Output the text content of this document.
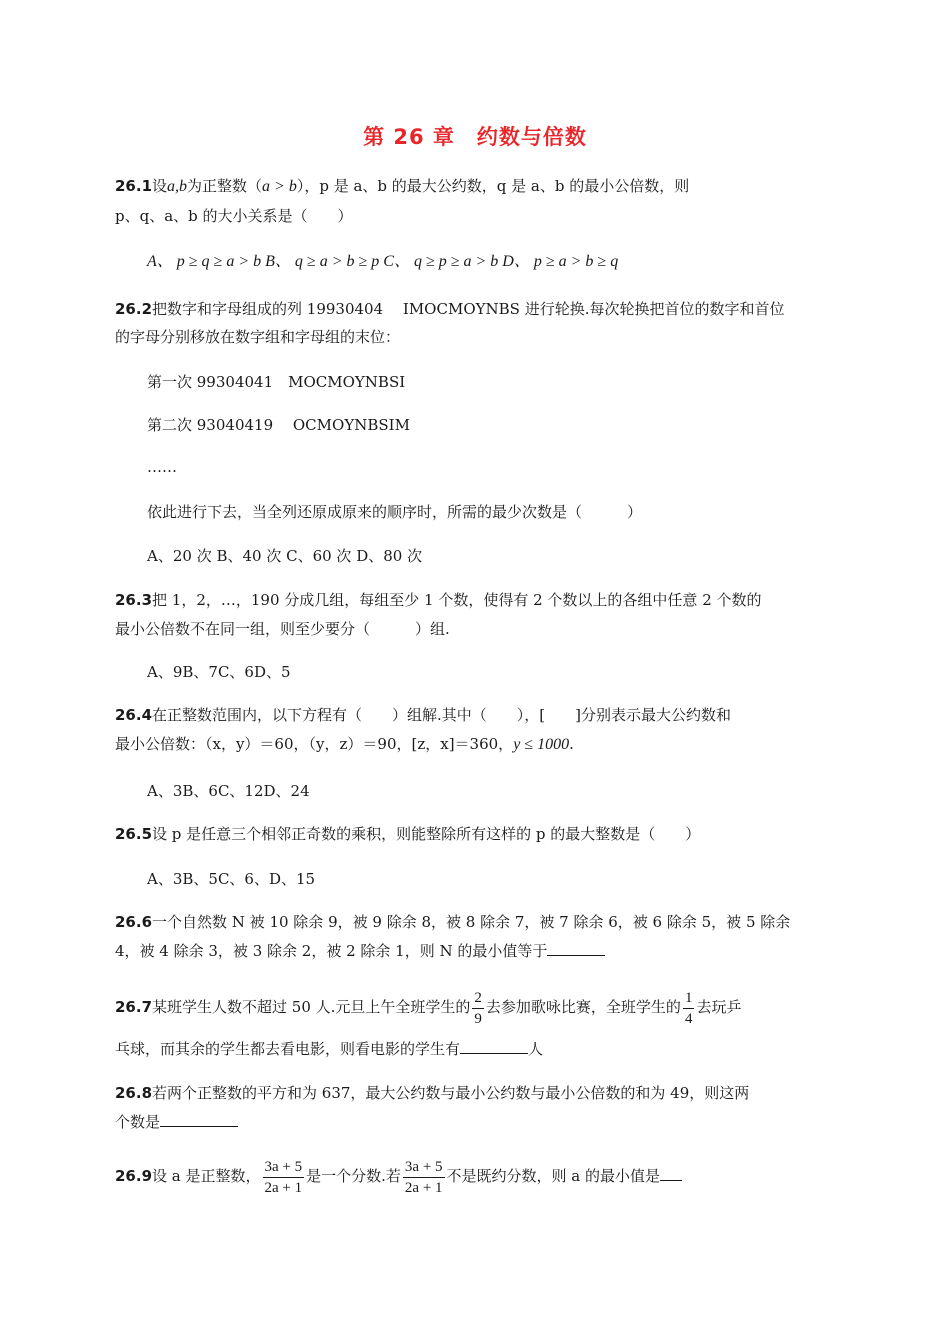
第 26 章　约数与倍数
26.1设a,b为正整数（a > b），p 是 a、b 的最大公约数，q 是 a、b 的最小公倍数，则
p、q、a、b 的大小关系是（　　）
A、 p ≥ q ≥ a > b B、 q ≥ a > b ≥ p C、 q ≥ p ≥ a > b D、 p ≥ a > b ≥ q
26.2把数字和字母组成的列 19930404　 IMOCMOYNBS 进行轮换.每次轮换把首位的数字和首位
的字母分别移放在数字组和字母组的末位：
第一次 99304041　MOCMOYNBSI
第二次 93040419　 OCMOYNBSIM
……
依此进行下去，当全列还原成原来的顺序时，所需的最少次数是（　　　）
A、20 次 B、40 次 C、60 次 D、80 次
26.3把 1，2，…，190 分成几组，每组至少 1 个数，使得有 2 个数以上的各组中任意 2 个数的
最小公倍数不在同一组，则至少要分（　　　）组.
A、9B、7C、6D、5
26.4在正整数范围内，以下方程有（　　）组解.其中（　　），[　　]分别表示最大公约数和
最小公倍数：（x，y）＝60，（y，z）＝90，[z，x]＝360，y ≤ 1000.
A、3B、6C、12D、24
26.5设 p 是任意三个相邻正奇数的乘积，则能整除所有这样的 p 的最大整数是（　　）
A、3B、5C、6、D、15
26.6一个自然数 N 被 10 除余 9，被 9 除余 8，被 8 除余 7，被 7 除余 6，被 6 除余 5，被 5 除余
4，被 4 除余 3，被 3 除余 2，被 2 除余 1，则 N 的最小值等于
26.7某班学生人数不超过 50 人.元旦上午全班学生的 $\frac{2}{9}$ 去参加歌咏比赛，全班学生的 $\frac{1}{4}$ 去玩乒
乓球，而其余的学生都去看电影，则看电影的学生有	人
26.8若两个正整数的平方和为 637，最大公约数与最小公约数与最小公倍数的和为 49，则这两
个数是
26.9设 a 是正整数， $\frac{3a + 5}{2a + 1}$ 是一个分数.若 $\frac{3a + 5}{2a + 1}$ 不是既约分数，则 a 的最小值是
